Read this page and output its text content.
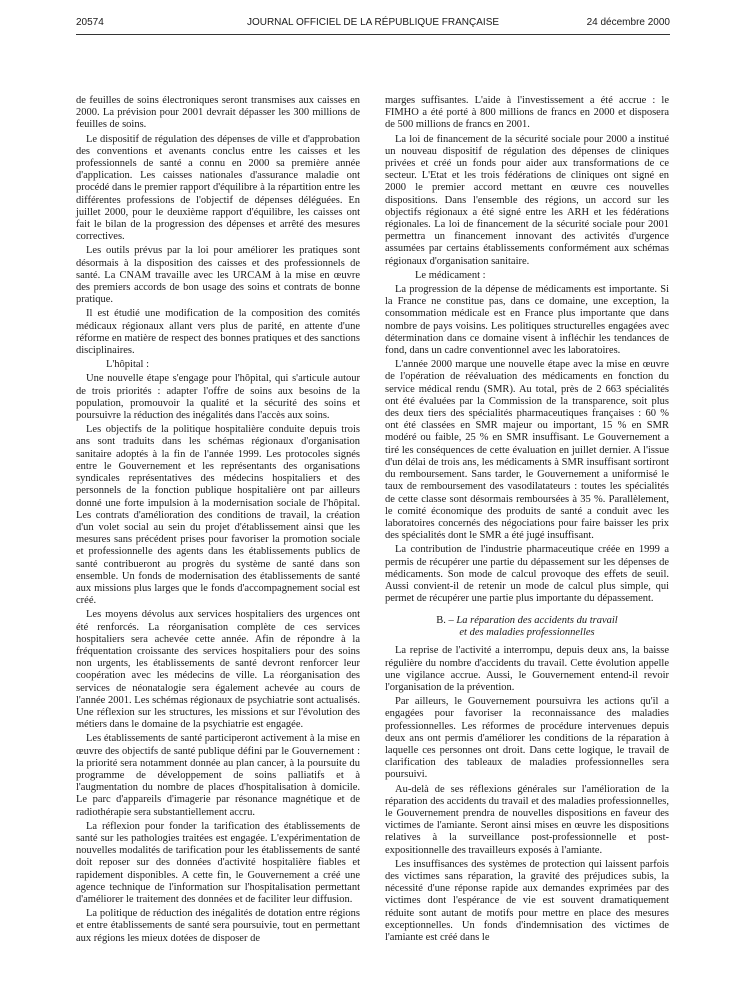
20574	JOURNAL OFFICIEL DE LA RÉPUBLIQUE FRANÇAISE	24 décembre 2000

de feuilles de soins électroniques seront transmises aux caisses en 2000. La prévision pour 2001 devrait dépasser les 300 millions de feuilles de soins.

Le dispositif de régulation des dépenses de ville et d'approbation des conventions et avenants conclus entre les caisses et les professionnels de santé a connu en 2000 sa première année d'application. Les caisses nationales d'assurance maladie ont procédé dans le premier rapport d'équilibre à la répartition entre les différentes professions de l'objectif de dépenses déléguées. En juillet 2000, pour le deuxième rapport d'équilibre, les caisses ont fait le bilan de la progression des dépenses et arrêté des mesures correctives.

Les outils prévus par la loi pour améliorer les pratiques sont désormais à la disposition des caisses et des professionnels de santé. La CNAM travaille avec les URCAM à la mise en œuvre des premiers accords de bon usage des soins et contrats de bonne pratique.

Il est étudié une modification de la composition des comités médicaux régionaux allant vers plus de parité, en attente d'une réforme en matière de respect des bonnes pratiques et des sanctions disciplinaires.

L'hôpital :

Une nouvelle étape s'engage pour l'hôpital, qui s'articule autour de trois priorités : adapter l'offre de soins aux besoins de la population, promouvoir la qualité et la sécurité des soins et poursuivre la réduction des inégalités dans l'accès aux soins.

Les objectifs de la politique hospitalière conduite depuis trois ans sont traduits dans les schémas régionaux d'organisation sanitaire adoptés à la fin de l'année 1999. Les protocoles signés entre le Gouvernement et les représentants des organisations syndicales représentatives des médecins hospitaliers et des personnels de la fonction publique hospitalière ont par ailleurs donné une forte impulsion à la modernisation sociale de l'hôpital. Les contrats d'amélioration des conditions de travail, la création d'un volet social au sein du projet d'établissement ainsi que les mesures sans précédent prises pour favoriser la promotion sociale et professionnelle des agents dans les établissements publics de santé contribueront au progrès du système de santé dans son ensemble. Un fonds de modernisation des établissements de santé aux missions plus larges que le fonds d'accompagnement social est créé.

Les moyens dévolus aux services hospitaliers des urgences ont été renforcés. La réorganisation complète de ces services hospitaliers sera achevée cette année. Afin de répondre à la fréquentation croissante des services hospitaliers pour des soins non urgents, les établissements de santé devront renforcer leur coopération avec les médecins de ville. La réorganisation des services de néonatalogie sera également achevée au cours de l'année 2001. Les schémas régionaux de psychiatrie sont actualisés. Une réflexion sur les structures, les missions et sur l'évolution des métiers dans le domaine de la psychiatrie est engagée.

Les établissements de santé participeront activement à la mise en œuvre des objectifs de santé publique défini par le Gouvernement : la priorité sera notamment donnée au plan cancer, à la poursuite du programme de développement de soins palliatifs et à l'augmentation du nombre de places d'hospitalisation à domicile. Le parc d'appareils d'imagerie par résonance magnétique et de radiothérapie sera substantiellement accru.

La réflexion pour fonder la tarification des établissements de santé sur les pathologies traitées est engagée. L'expérimentation de nouvelles modalités de tarification pour les établissements de santé doit reposer sur des données d'activité hospitalière fiables et rapidement disponibles. A cette fin, le Gouvernement a créé une agence technique de l'information sur l'hospitalisation permettant d'améliorer le traitement des données et de faciliter leur diffusion.

La politique de réduction des inégalités de dotation entre régions et entre établissements de santé sera poursuivie, tout en permettant aux régions les mieux dotées de disposer de

marges suffisantes. L'aide à l'investissement a été accrue : le FIMHO a été porté à 800 millions de francs en 2000 et disposera de 500 millions de francs en 2001.

La loi de financement de la sécurité sociale pour 2000 a institué un nouveau dispositif de régulation des dépenses de cliniques privées et créé un fonds pour aider aux transformations de ce secteur. L'Etat et les trois fédérations de cliniques ont signé en 2000 le premier accord mettant en œuvre ces nouvelles dispositions. Dans l'ensemble des régions, un accord sur les objectifs régionaux a été signé entre les ARH et les fédérations régionales. La loi de financement de la sécurité sociale pour 2001 permettra un financement innovant des activités d'urgence assumées par certains établissements conformément aux schémas régionaux d'organisation sanitaire.

Le médicament :

La progression de la dépense de médicaments est importante. Si la France ne constitue pas, dans ce domaine, une exception, la consommation médicale est en France plus importante que dans nombre de pays voisins. Les politiques structurelles engagées avec détermination dans ce domaine visent à infléchir les tendances de fond, dans un cadre conventionnel avec les laboratoires.

L'année 2000 marque une nouvelle étape avec la mise en œuvre de l'opération de réévaluation des médicaments en fonction du service médical rendu (SMR). Au total, près de 2 663 spécialités ont été évaluées par la Commission de la transparence, soit plus des deux tiers des spécialités pharmaceutiques françaises : 60 % ont été classées en SMR majeur ou important, 15 % en SMR modéré ou faible, 25 % en SMR insuffisant. Le Gouvernement a tiré les conséquences de cette évaluation en juillet dernier. A l'issue d'un délai de trois ans, les médicaments à SMR insuffisant sortiront du remboursement. Sans tarder, le Gouvernement a uniformisé le taux de remboursement des vasodilatateurs : toutes les spécialités de cette classe sont désormais remboursées à 35 %. Parallèlement, le comité économique des produits de santé a conduit avec les laboratoires concernés des négociations pour faire baisser les prix des spécialités dont le SMR a été jugé insuffisant.

La contribution de l'industrie pharmaceutique créée en 1999 a permis de récupérer une partie du dépassement sur les dépenses de médicaments. Son mode de calcul provoque des effets de seuil. Aussi convient-il de retenir un mode de calcul plus simple, qui permet de récupérer une partie plus importante du dépassement.

B. – La réparation des accidents du travail
et des maladies professionnelles

La reprise de l'activité a interrompu, depuis deux ans, la baisse régulière du nombre d'accidents du travail. Cette évolution appelle une vigilance accrue. Aussi, le Gouvernement entend-il revoir l'organisation de la prévention.

Par ailleurs, le Gouvernement poursuivra les actions qu'il a engagées pour favoriser la reconnaissance des maladies professionnelles. Les réformes de procédure intervenues depuis deux ans ont permis d'améliorer les conditions de la réparation à laquelle ces personnes ont droit. Dans cette logique, le travail de clarification des tableaux de maladies professionnelles sera poursuivi.

Au-delà de ses réflexions générales sur l'amélioration de la réparation des accidents du travail et des maladies professionnelles, le Gouvernement prendra de nouvelles dispositions en faveur des victimes de l'amiante. Seront ainsi mises en œuvre les dispositions relatives à la surveillance post-professionnelle et post-expositionnelle des travailleurs exposés à l'amiante.

Les insuffisances des systèmes de protection qui laissent parfois des victimes sans réparation, la gravité des préjudices subis, la nécessité d'une réponse rapide aux demandes exprimées par des victimes dont l'espérance de vie est souvent dramatiquement réduite sont autant de motifs pour mettre en place des mesures exceptionnelles. Un fonds d'indemnisation des victimes de l'amiante est créé dans le
